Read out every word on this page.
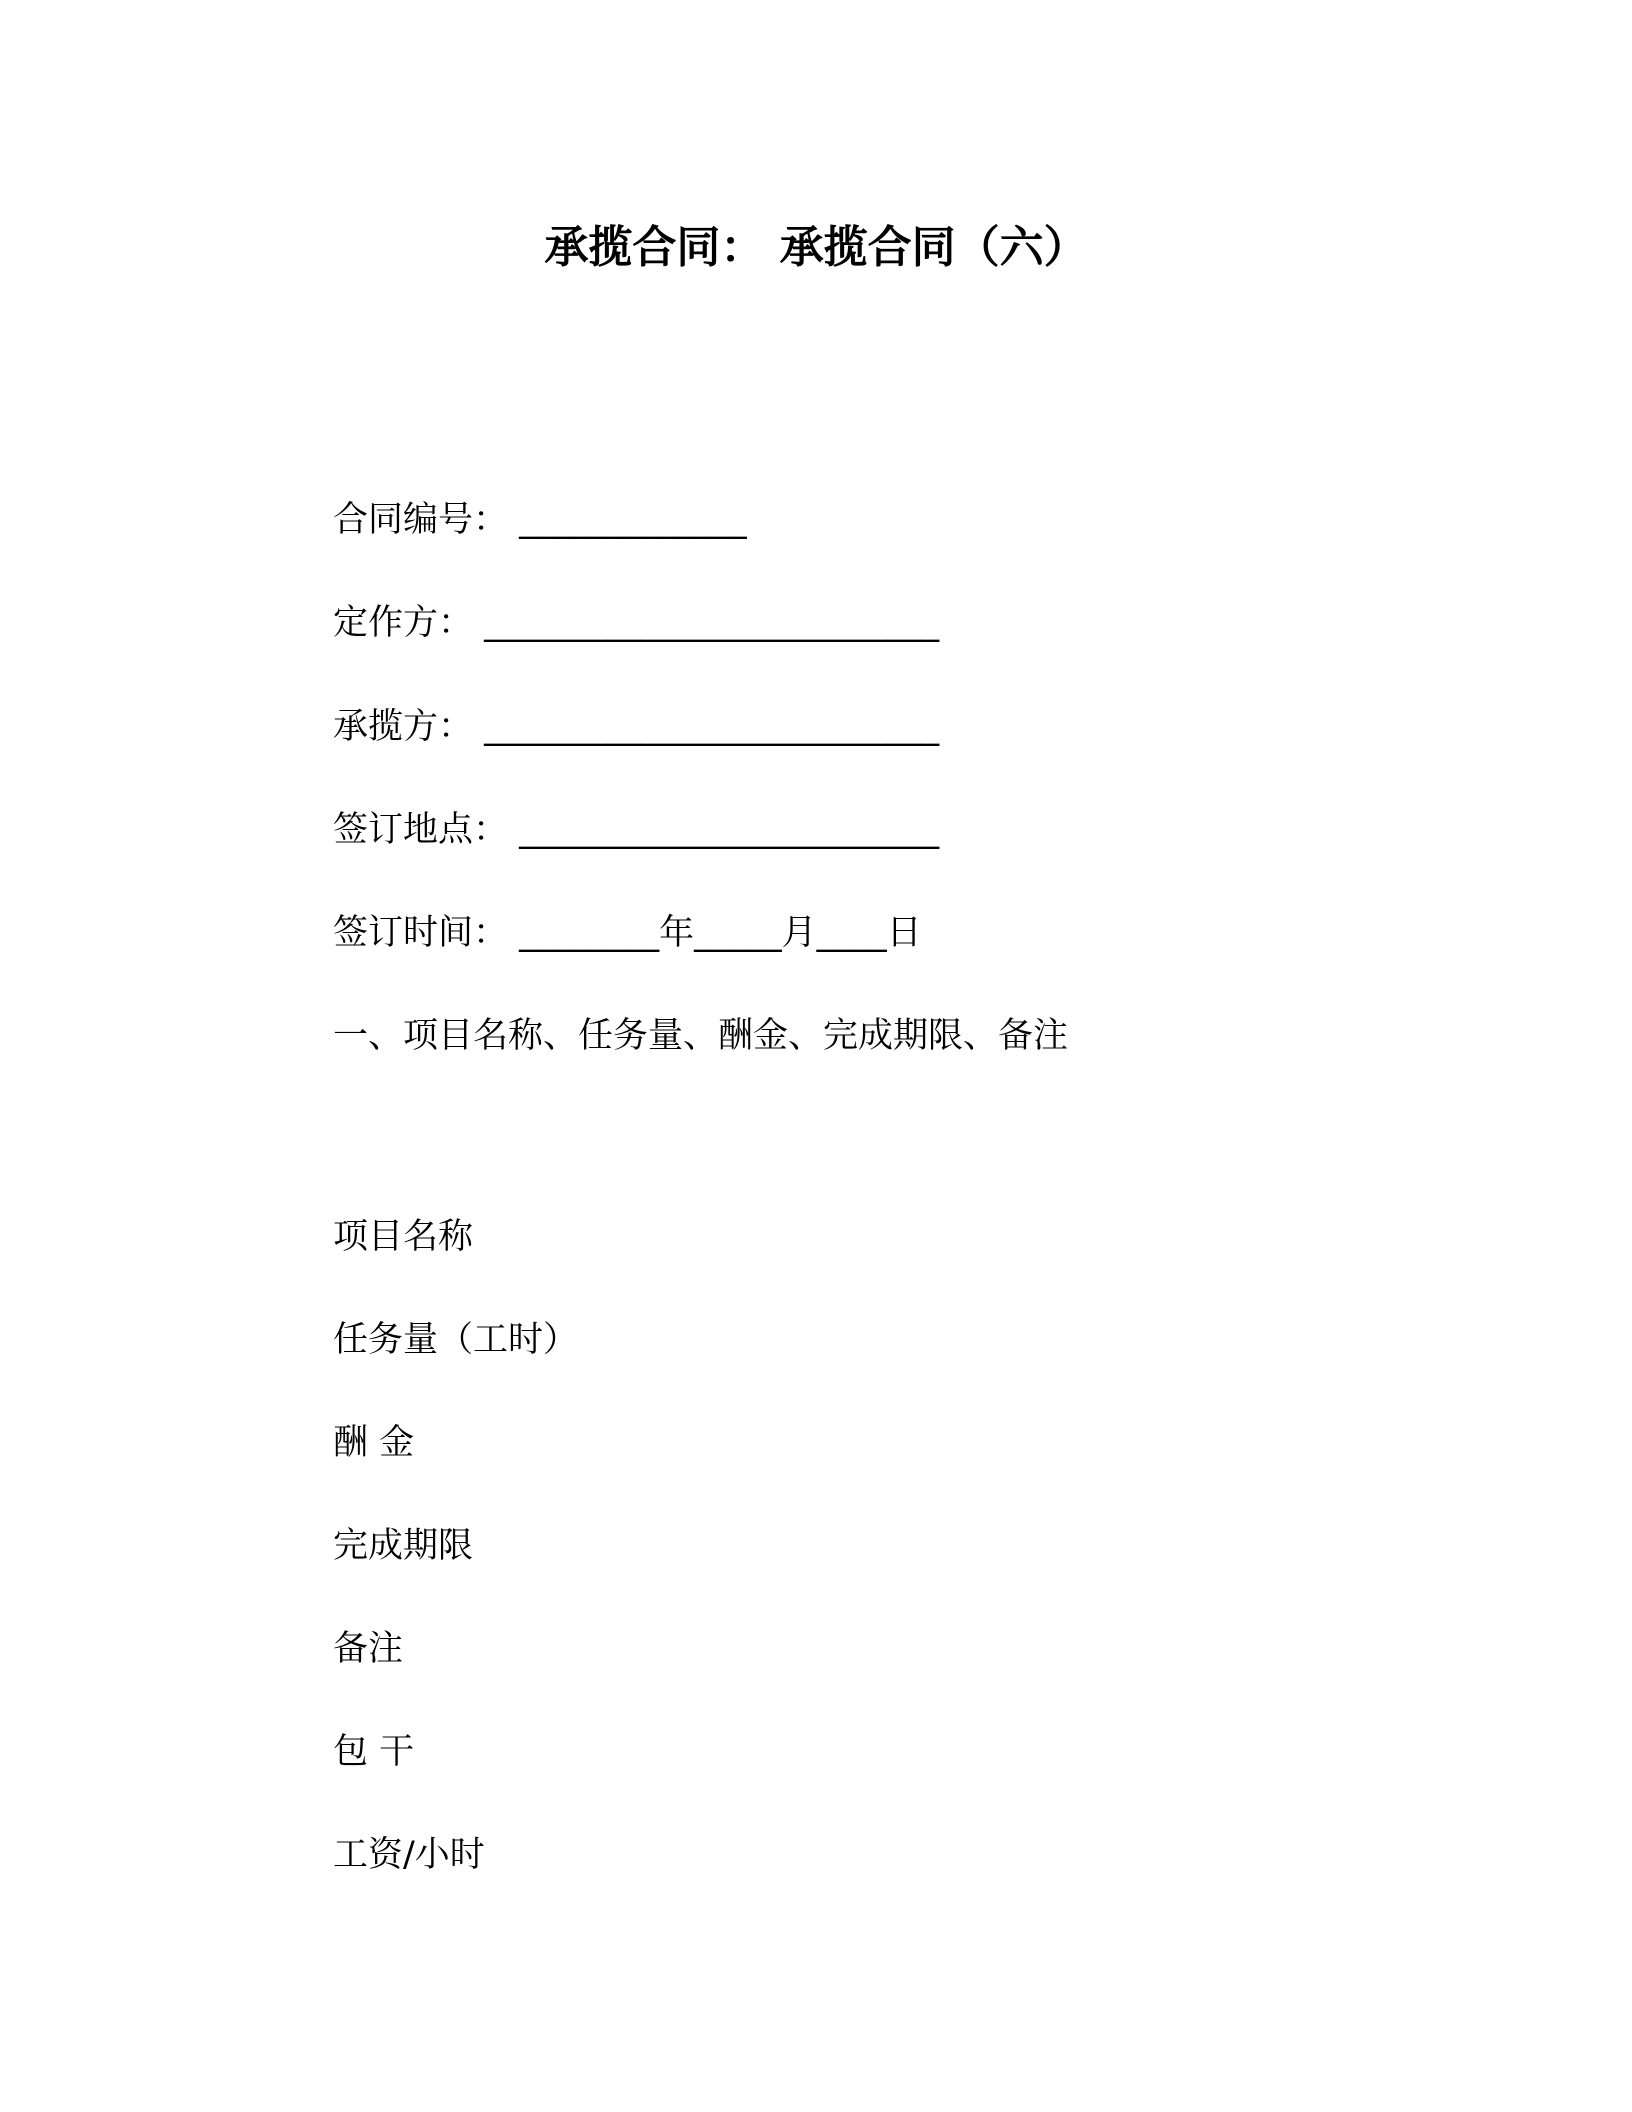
承揽合同： 承揽合同（六）
合同编号： _____________
定作方： __________________________
承揽方： __________________________
签订地点： ________________________
签订时间： ________年_____月____日
一、项目名称、任务量、酬金、完成期限、备注
项目名称
任务量（工时）
酬 金
完成期限
备注
包 干
工资/小时
